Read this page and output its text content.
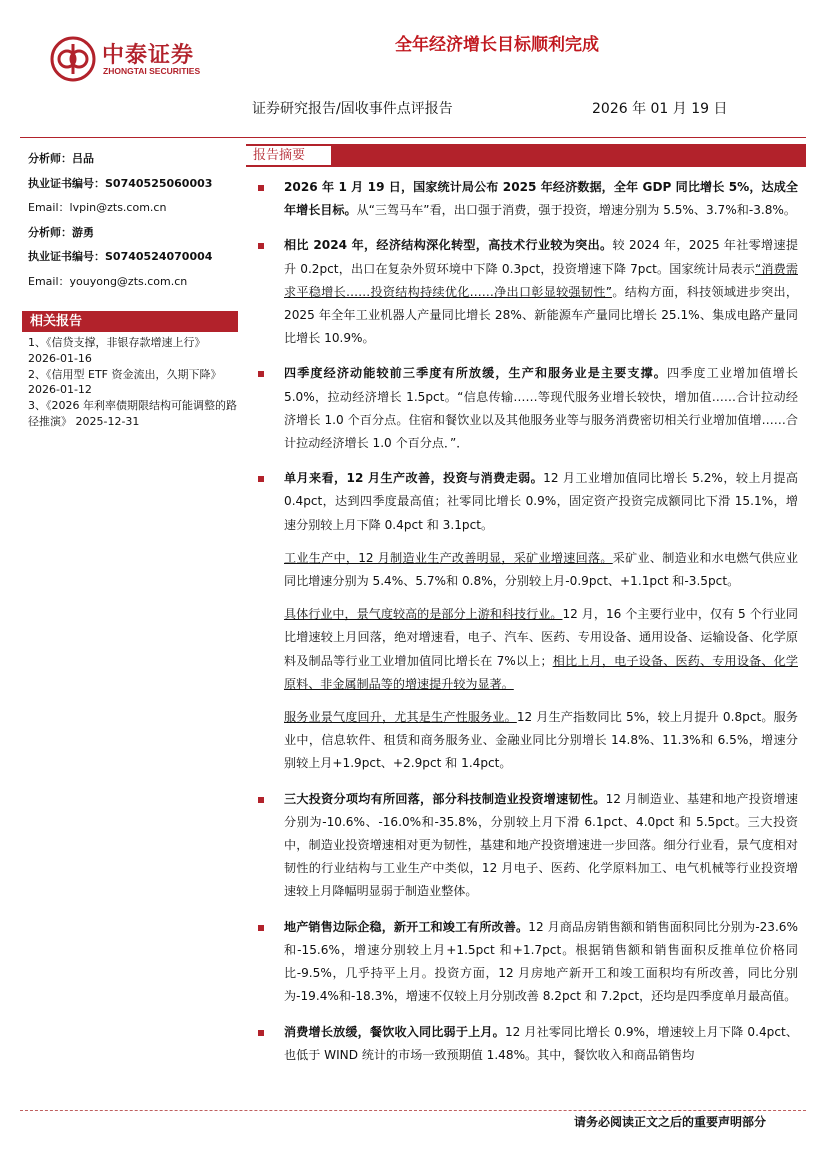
中泰证券
ZHONGTAI SECURITIES
全年经济增长目标顺利完成
证券研究报告/固收事件点评报告	2026 年 01 月 19 日
分析师：吕品
执业证书编号：S0740525060003
Email：lvpin@zts.com.cn
分析师：游勇
执业证书编号：S0740524070004
Email：youyong@zts.com.cn
相关报告

1、《信贷支撑，非银存款增速上行》
2026-01-16

2、《信用型 ETF 资金流出，久期下降》2026-01-12

3、《2026 年利率债期限结构可能调整的路径推演》 2025-12-31

报告摘要
2026 年 1 月 19 日，国家统计局公布 2025 年经济数据，全年 GDP 同比增长 5%，达成全年增长目标。从“三驾马车”看，出口强于消费，强于投资，增速分别为 5.5%、3.7%和-3.8%。
相比 2024 年，经济结构深化转型，高技术行业较为突出。较 2024 年，2025 年社零增速提升 0.2pct，出口在复杂外贸环境中下降 0.3pct，投资增速下降 7pct。国家统计局表示“消费需求平稳增长……投资结构持续优化……净出口彰显较强韧性”。结构方面，科技领域进步突出，2025 年全年工业机器人产量同比增长 28%、新能源车产量同比增长 25.1%、集成电路产量同比增长 10.9%。
四季度经济动能较前三季度有所放缓，生产和服务业是主要支撑。四季度工业增加值增长 5.0%，拉动经济增长 1.5pct。“信息传输……等现代服务业增长较快，增加值……合计拉动经济增长 1.0 个百分点。住宿和餐饮业以及其他服务业等与服务消费密切相关行业增加值增……合计拉动经济增长 1.0 个百分点．”．
单月来看，12 月生产改善，投资与消费走弱。12 月工业增加值同比增长 5.2%，较上月提高 0.4pct，达到四季度最高值；社零同比增长 0.9%，固定资产投资完成额同比下滑 15.1%，增速分别较上月下降 0.4pct 和 3.1pct。
工业生产中，12 月制造业生产改善明显，采矿业增速回落。采矿业、制造业和水电燃气供应业同比增速分别为 5.4%、5.7%和 0.8%，分别较上月-0.9pct、+1.1pct 和-3.5pct。
具体行业中，景气度较高的是部分上游和科技行业。12 月，16 个主要行业中，仅有 5 个行业同比增速较上月回落，绝对增速看，电子、汽车、医药、专用设备、通用设备、运输设备、化学原料及制品等行业工业增加值同比增长在 7%以上；相比上月，电子设备、医药、专用设备、化学原料、非金属制品等的增速提升较为显著。
服务业景气度回升，尤其是生产性服务业。12 月生产指数同比 5%，较上月提升 0.8pct。服务业中，信息软件、租赁和商务服务业、金融业同比分别增长 14.8%、11.3%和 6.5%，增速分别较上月+1.9pct、+2.9pct 和 1.4pct。
三大投资分项均有所回落，部分科技制造业投资增速韧性。12 月制造业、基建和地产投资增速分别为-10.6%、-16.0%和-35.8%，分别较上月下滑 6.1pct、4.0pct 和 5.5pct。三大投资中，制造业投资增速相对更为韧性，基建和地产投资增速进一步回落。细分行业看，景气度相对韧性的行业结构与工业生产中类似，12 月电子、医药、化学原料加工、电气机械等行业投资增速较上月降幅明显弱于制造业整体。
地产销售边际企稳，新开工和竣工有所改善。12 月商品房销售额和销售面积同比分别为-23.6%和-15.6%，增速分别较上月+1.5pct 和+1.7pct。根据销售额和销售面积反推单位价格同比-9.5%，几乎持平上月。投资方面，12 月房地产新开工和竣工面积均有所改善，同比分别为-19.4%和-18.3%，增速不仅较上月分别改善 8.2pct 和 7.2pct，还均是四季度单月最高值。
消费增长放缓，餐饮收入同比弱于上月。12 月社零同比增长 0.9%，增速较上月下降 0.4pct、也低于 WIND 统计的市场一致预期值 1.48%。其中，餐饮收入和商品销售均
请务必阅读正文之后的重要声明部分
